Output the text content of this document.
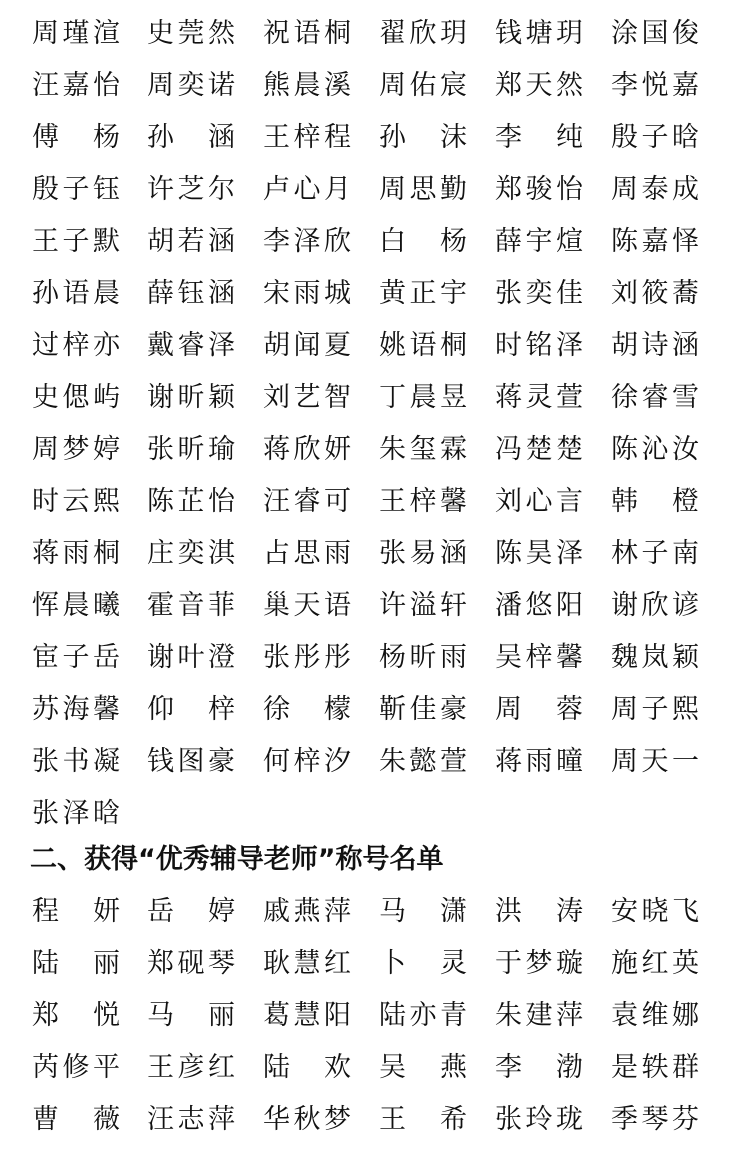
周瑾渲 史莞然 祝语桐 翟欣玥 钱塘玥 涂国俊
汪嘉怡 周奕诺 熊晨溪 周佑宸 郑天然 李悦嘉
傅杨 孙涵 王梓程 孙沫 李纯 殷子晗
殷子钰 许芝尔 卢心月 周思勤 郑骏怡 周泰成
王子默 胡若涵 李泽欣 白杨 薛宇煊 陈嘉怿
孙语晨 薛钰涵 宋雨城 黄正宇 张奕佳 刘筱蕎
过梓亦 戴睿泽 胡闻夏 姚语桐 时铭泽 胡诗涵
史偲屿 谢昕颖 刘艺智 丁晨昱 蒋灵萱 徐睿雪
周梦婷 张昕瑜 蒋欣妍 朱玺霖 冯楚楚 陈沁汝
时云熙 陈芷怡 汪睿可 王梓馨 刘心言 韩橙
蒋雨桐 庄奕淇 占思雨 张易涵 陈昊泽 林子南
恽晨曦 霍音菲 巢天语 许溢轩 潘悠阳 谢欣谚
宦子岳 谢叶澄 张彤彤 杨昕雨 吴梓馨 魏岚颖
苏海馨 仰梓 徐檬 靳佳豪 周蓉 周子熙
张书凝 钱图豪 何梓汐 朱懿萱 蒋雨曈 周天一
张泽晗
二、获得“优秀辅导老师”称号名单
程妍 岳婷 戚燕萍 马潇 洪涛 安晓飞
陆丽 郑砚琴 耿慧红 卜灵 于梦璇 施红英
郑悦 马丽 葛慧阳 陆亦青 朱建萍 袁维娜
芮修平 王彦红 陆欢 吴燕 李渤 是轶群
曹薇 汪志萍 华秋梦 王希 张玲珑 季琴芬
